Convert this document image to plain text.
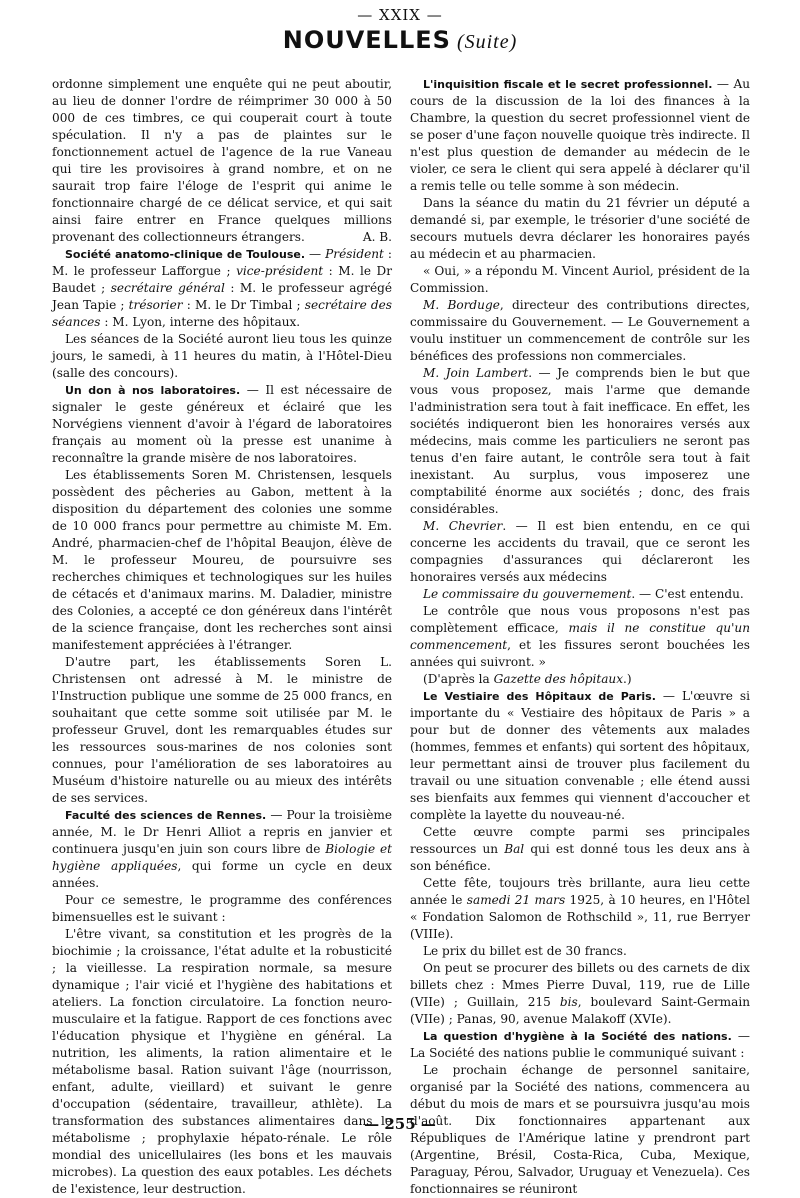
— XXIX —
NOUVELLES (Suite)

ordonne simplement une enquête qui ne peut aboutir, au lieu de donner l'ordre de réimprimer 30 000 à 50 000 de ces timbres, ce qui couperait court à toute spéculation. Il n'y a pas de plaintes sur le fonctionnement actuel de l'agence de la rue Vaneau qui tire les provisoires à grand nombre, et on ne saurait trop faire l'éloge de l'esprit qui anime le fonctionnaire chargé de ce délicat service, et qui sait ainsi faire entrer en France quelques millions provenant des collectionneurs étrangers.	A. B.

Société anatomo-clinique de Toulouse. — Président : M. le professeur Lafforgue ; vice-président : M. le Dr Baudet ; secrétaire général : M. le professeur agrégé Jean Tapie ; trésorier : M. le Dr Timbal ; secrétaire des séances : M. Lyon, interne des hôpitaux.

Les séances de la Société auront lieu tous les quinze jours, le samedi, à 11 heures du matin, à l'Hôtel-Dieu (salle des concours).

Un don à nos laboratoires. — Il est nécessaire de signaler le geste généreux et éclairé que les Norvégiens viennent d'avoir à l'égard de laboratoires français au moment où la presse est unanime à reconnaître la grande misère de nos laboratoires.

Les établissements Soren M. Christensen, lesquels possèdent des pêcheries au Gabon, mettent à la disposition du département des colonies une somme de 10 000 francs pour permettre au chimiste M. Em. André, pharmacien-chef de l'hôpital Beaujon, élève de M. le professeur Moureu, de poursuivre ses recherches chimiques et technologiques sur les huiles de cétacés et d'animaux marins. M. Daladier, ministre des Colonies, a accepté ce don généreux dans l'intérêt de la science française, dont les recherches sont ainsi manifestement appréciées à l'étranger.

D'autre part, les établissements Soren L. Christensen ont adressé à M. le ministre de l'Instruction publique une somme de 25 000 francs, en souhaitant que cette somme soit utilisée par M. le professeur Gruvel, dont les remarquables études sur les ressources sous-marines de nos colonies sont connues, pour l'amélioration de ses laboratoires au Muséum d'histoire naturelle ou au mieux des intérêts de ses services.

Faculté des sciences de Rennes. — Pour la troisième année, M. le Dr Henri Alliot a repris en janvier et continuera jusqu'en juin son cours libre de Biologie et hygiène appliquées, qui forme un cycle en deux années.

Pour ce semestre, le programme des conférences bimensuelles est le suivant :

L'être vivant, sa constitution et les progrès de la biochimie ; la croissance, l'état adulte et la robusticité ; la vieillesse. La respiration normale, sa mesure dynamique ; l'air vicié et l'hygiène des habitations et ateliers. La fonction circulatoire. La fonction neuro-musculaire et la fatigue. Rapport de ces fonctions avec l'éducation physique et l'hygiène en général. La nutrition, les aliments, la ration alimentaire et le métabolisme basal. Ration suivant l'âge (nourrisson, enfant, adulte, vieillard) et suivant le genre d'occupation (sédentaire, travailleur, athlète). La transformation des substances alimentaires dans le métabolisme ; prophylaxie hépato-rénale. Le rôle mondial des unicellulaires (les bons et les mauvais microbes). La question des eaux potables. Les déchets de l'existence, leur destruction.

L'inquisition fiscale et le secret professionnel. — Au cours de la discussion de la loi des finances à la Chambre, la question du secret professionnel vient de se poser d'une façon nouvelle quoique très indirecte. Il n'est plus question de demander au médecin de le violer, ce sera le client qui sera appelé à déclarer qu'il a remis telle ou telle somme à son médecin.

Dans la séance du matin du 21 février un député a demandé si, par exemple, le trésorier d'une société de secours mutuels devra déclarer les honoraires payés au médecin et au pharmacien.

« Oui, » a répondu M. Vincent Auriol, président de la Commission.

M. Borduge, directeur des contributions directes, commissaire du Gouvernement. — Le Gouvernement a voulu instituer un commencement de contrôle sur les bénéfices des professions non commerciales.

M. Join Lambert. — Je comprends bien le but que vous vous proposez, mais l'arme que demande l'administration sera tout à fait inefficace. En effet, les sociétés indiqueront bien les honoraires versés aux médecins, mais comme les particuliers ne seront pas tenus d'en faire autant, le contrôle sera tout à fait inexistant. Au surplus, vous imposerez une comptabilité énorme aux sociétés ; donc, des frais considérables.

M. Chevrier. — Il est bien entendu, en ce qui concerne les accidents du travail, que ce seront les compagnies d'assurances qui déclareront les honoraires versés aux médecins

Le commissaire du gouvernement. — C'est entendu.

Le contrôle que nous vous proposons n'est pas complètement efficace, mais il ne constitue qu'un commencement, et les fissures seront bouchées les années qui suivront. »

(D'après la Gazette des hôpitaux.)

Le Vestiaire des Hôpitaux de Paris. — L'œuvre si importante du « Vestiaire des hôpitaux de Paris » a pour but de donner des vêtements aux malades (hommes, femmes et enfants) qui sortent des hôpitaux, leur permettant ainsi de trouver plus facilement du travail ou une situation convenable ; elle étend aussi ses bienfaits aux femmes qui viennent d'accoucher et complète la layette du nouveau-né.

Cette œuvre compte parmi ses principales ressources un Bal qui est donné tous les deux ans à son bénéfice.

Cette fête, toujours très brillante, aura lieu cette année le samedi 21 mars 1925, à 10 heures, en l'Hôtel « Fondation Salomon de Rothschild », 11, rue Berryer (VIIIe).

Le prix du billet est de 30 francs.

On peut se procurer des billets ou des carnets de dix billets chez : Mmes Pierre Duval, 119, rue de Lille (VIIe) ; Guillain, 215 bis, boulevard Saint-Germain (VIIe) ; Panas, 90, avenue Malakoff (XVIe).

La question d'hygiène à la Société des nations. — La Société des nations publie le communiqué suivant :

Le prochain échange de personnel sanitaire, organisé par la Société des nations, commencera au début du mois de mars et se poursuivra jusqu'au mois d'août. Dix fonctionnaires appartenant aux Républiques de l'Amérique latine y prendront part (Argentine, Brésil, Costa-Rica, Cuba, Mexique, Paraguay, Pérou, Salvador, Uruguay et Venezuela). Ces fonctionnaires se réuniront

— 255 —
